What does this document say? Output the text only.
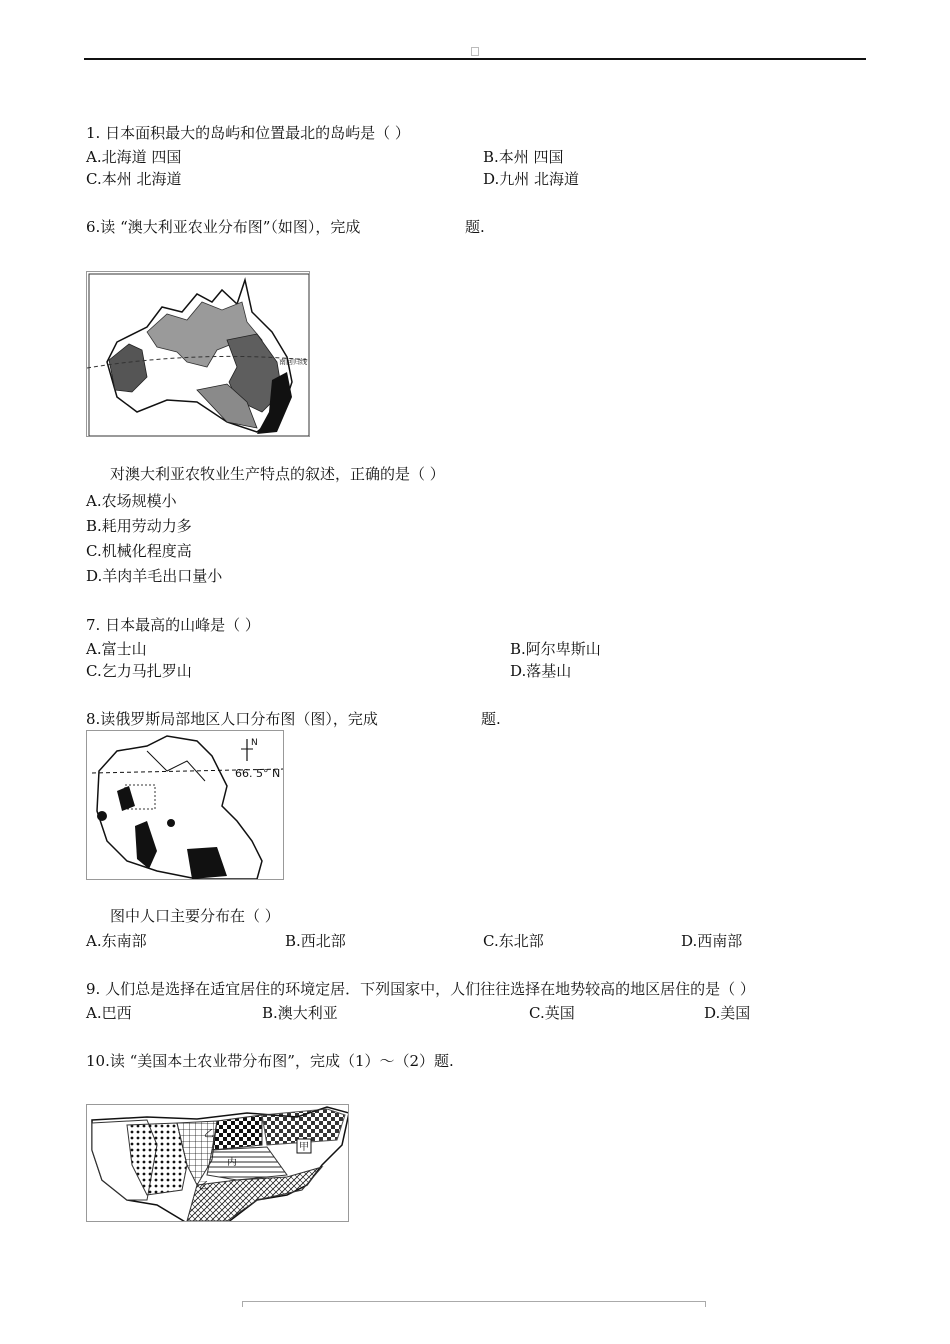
1. 日本面积最大的岛屿和位置最北的岛屿是（ ）
A.北海道 四国	B.本州 四国
C.本州 北海道	D.九州 北海道
6.读 “澳大利亚农业分布图”（如图），完成	题.
南回归线
对澳大利亚农牧业生产特点的叙述，正确的是（ ）
A.农场规模小
B.耗用劳动力多
C.机械化程度高
D.羊肉羊毛出口量小
7. 日本最高的山峰是（ ）
A.富士山	B.阿尔卑斯山
C.乞力马扎罗山	D.落基山
8.读俄罗斯局部地区人口分布图（图），完成	题.
N
66. 5° N
图中人口主要分布在（ ）
A.东南部	B.西北部	C.东北部	D.西南部
9. 人们总是选择在适宜居住的环境定居．下列国家中，人们往往选择在地势较高的地区居住的是（ ）
A.巴西	B.澳大利亚	C.英国	D.美国
10.读 “美国本土农业带分布图”，完成（1）～（2）题.
乙
甲
丙
乙
